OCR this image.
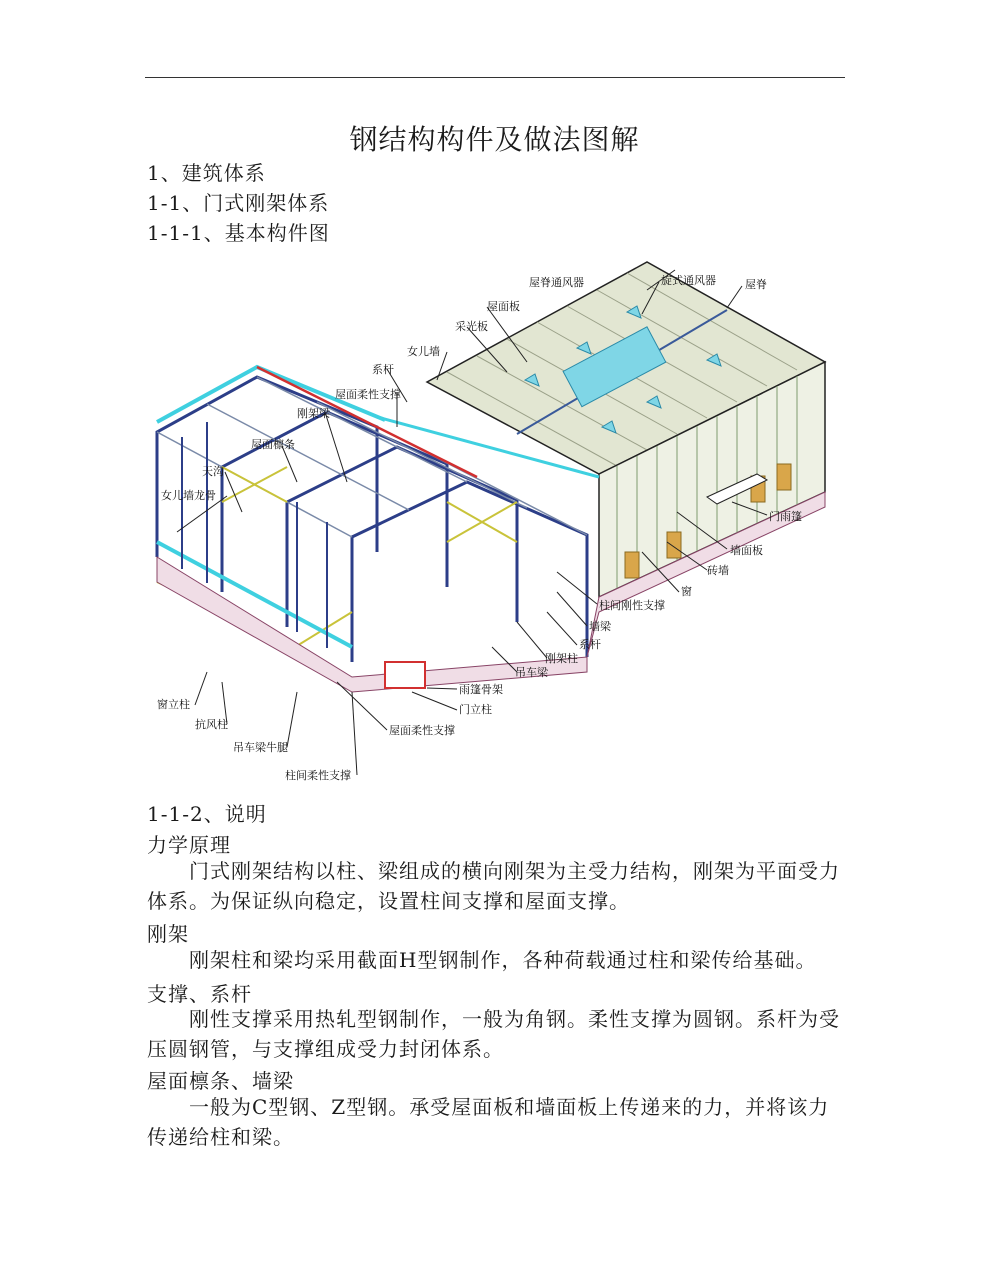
钢结构构件及做法图解
1、建筑体系
1-1、门式刚架体系
1-1-1、基本构件图
旋式通风器	屋脊
屋脊通风器
屋面板
采光板
女儿墙
系杆
屋面柔性支撑
刚架梁
屋面檩条
天沟
女儿墙龙骨
门雨篷
墙面板
砖墙
窗
柱间刚性支撑
墙梁
系杆
刚架柱
吊车梁
雨篷骨架
门立柱
屋面柔性支撑
窗立柱
抗风柱
吊车梁牛腿
柱间柔性支撑
1-1-2、说明
力学原理
门式刚架结构以柱、梁组成的横向刚架为主受力结构，刚架为平面受力体系。为保证纵向稳定，设置柱间支撑和屋面支撑。
刚架
刚架柱和梁均采用截面H型钢制作，各种荷载通过柱和梁传给基础。
支撑、系杆
刚性支撑采用热轧型钢制作，一般为角钢。柔性支撑为圆钢。系杆为受压圆钢管，与支撑组成受力封闭体系。
屋面檩条、墙梁
一般为C型钢、Z型钢。承受屋面板和墙面板上传递来的力，并将该力传递给柱和梁。
